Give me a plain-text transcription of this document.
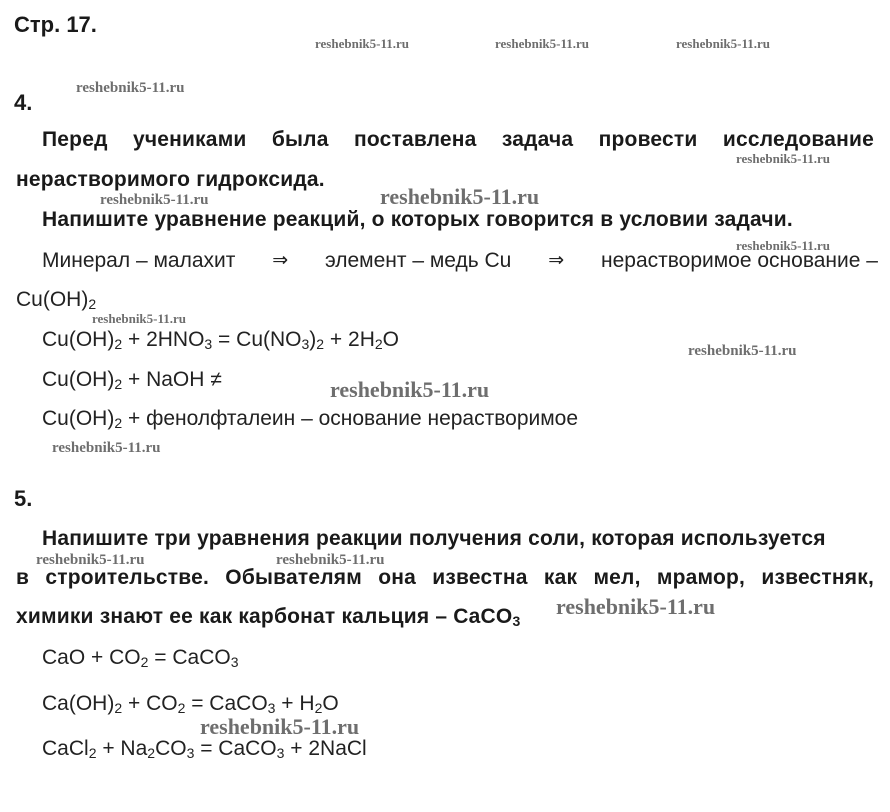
Стр. 17.
reshebnik5-11.ru	reshebnik5-11.ru	reshebnik5-11.ru
reshebnik5-11.ru
reshebnik5-11.ru
reshebnik5-11.ru	reshebnik5-11.ru
reshebnik5-11.ru
reshebnik5-11.ru
reshebnik5-11.ru
reshebnik5-11.ru
reshebnik5-11.ru
reshebnik5-11.ru	reshebnik5-11.ru
reshebnik5-11.ru
reshebnik5-11.ru
4.
Перед учениками была поставлена задача провести исследование
нерастворимого гидроксида.
Напишите уравнение реакций, о которых говорится в условии задачи.
Минерал – малахит ⇒ элемент – медь Cu ⇒ нерастворимое основание –
$Cu(OH)_2$
$Cu(OH)_2 + 2HNO_3 = Cu(NO_3)_2 + 2H_2O$
$Cu(OH)_2$ + NaOH ≠
$Cu(OH)_2$ + фенолфталеин – основание нерастворимое
5.
Напишите три уравнения реакции получения соли, которая используется
в строительстве. Обывателям она известна как мел, мрамор, известняк,
химики знают ее как карбонат кальция – CaCO$_3$
CaO + $CO_2$ = CaCO$_3$
$Ca(OH)_2 + CO_2$ = CaCO$_3$ + $H_2O$
CaCl$_2$ + $Na_2CO_3$ = CaCO$_3$ + 2NaCl
